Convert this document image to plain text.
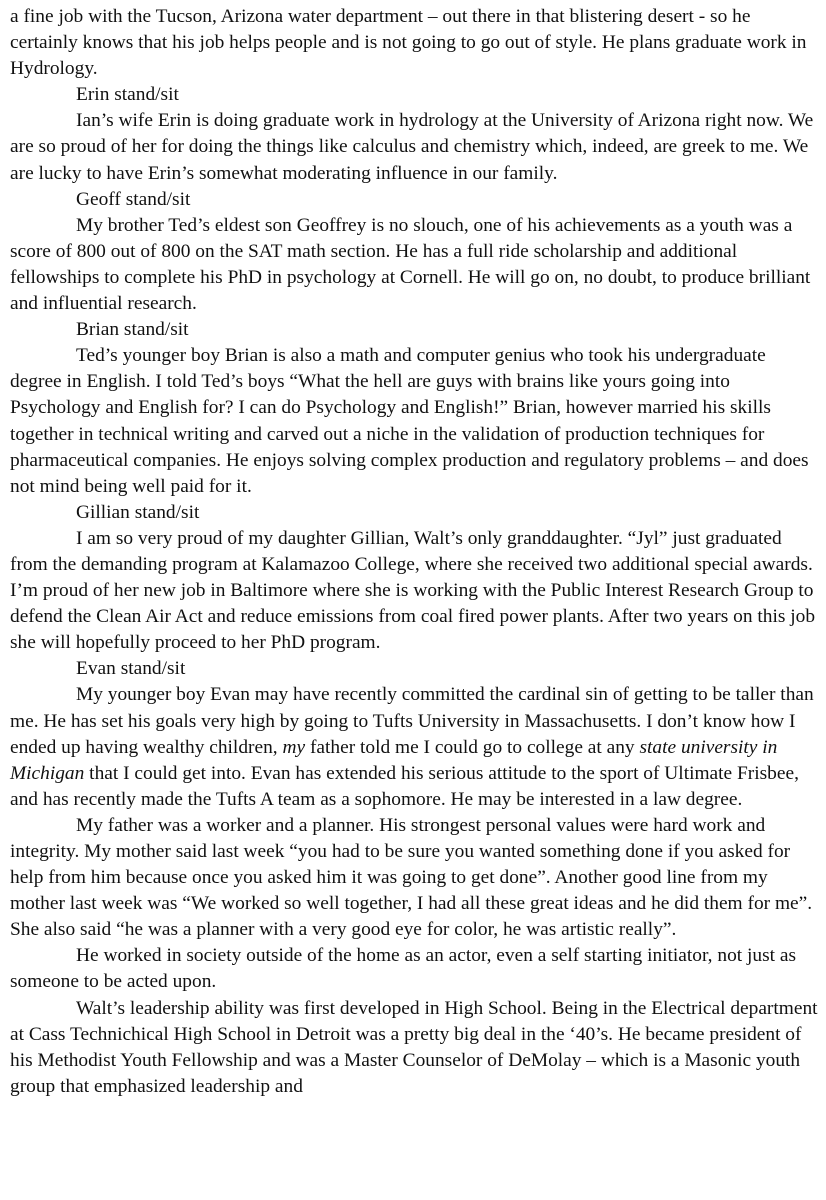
a fine job with the Tucson, Arizona water department – out there in that blistering desert - so he certainly knows that his job helps people and is not going to go out of style. He plans graduate work in Hydrology.

Erin stand/sit

Ian’s wife Erin is doing graduate work in hydrology at the University of Arizona right now. We are so proud of her for doing the things like calculus and chemistry which, indeed, are greek to me. We are lucky to have Erin’s somewhat moderating influence in our family.

Geoff stand/sit

My brother Ted’s eldest son Geoffrey is no slouch, one of his achievements as a youth was a score of 800 out of 800 on the SAT math section. He has a full ride scholarship and additional fellowships to complete his PhD in psychology at Cornell. He will go on, no doubt, to produce brilliant and influential research.

Brian stand/sit

Ted’s younger boy Brian is also a math and computer genius who took his undergraduate degree in English. I told Ted’s boys “What the hell are guys with brains like yours going into Psychology and English for? I can do Psychology and English!” Brian, however married his skills together in technical writing and carved out a niche in the validation of production techniques for pharmaceutical companies. He enjoys solving complex production and regulatory problems – and does not mind being well paid for it.

Gillian stand/sit

I am so very proud of my daughter Gillian, Walt’s only granddaughter. “Jyl” just graduated from the demanding program at Kalamazoo College, where she received two additional special awards. I’m proud of her new job in Baltimore where she is working with the Public Interest Research Group to defend the Clean Air Act and reduce emissions from coal fired power plants. After two years on this job she will hopefully proceed to her PhD program.

Evan stand/sit

My younger boy Evan may have recently committed the cardinal sin of getting to be taller than me. He has set his goals very high by going to Tufts University in Massachusetts. I don’t know how I ended up having wealthy children, my father told me I could go to college at any state university in Michigan that I could get into. Evan has extended his serious attitude to the sport of Ultimate Frisbee, and has recently made the Tufts A team as a sophomore. He may be interested in a law degree.

My father was a worker and a planner. His strongest personal values were hard work and integrity. My mother said last week “you had to be sure you wanted something done if you asked for help from him because once you asked him it was going to get done”. Another good line from my mother last week was “We worked so well together, I had all these great ideas and he did them for me”. She also said “he was a planner with a very good eye for color, he was artistic really”.

He worked in society outside of the home as an actor, even a self starting initiator, not just as someone to be acted upon.

Walt’s leadership ability was first developed in High School. Being in the Electrical department at Cass Technichical High School in Detroit was a pretty big deal in the ‘40’s. He became president of his Methodist Youth Fellowship and was a Master Counselor of DeMolay – which is a Masonic youth group that emphasized leadership and
